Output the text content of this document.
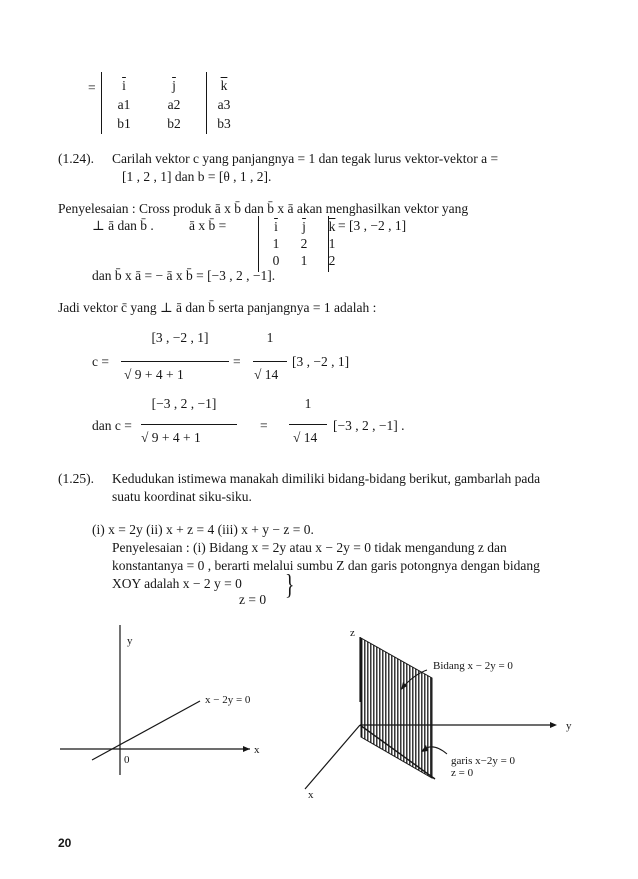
= $\overline{i}$	$\overline{j}$	$\overline{k}$
a1	a2	a3
b1	b2	b3
(1.24). Carilah vektor c yang panjangnya = 1 dan tegak lurus vektor-vektor a =
[1 , 2 , 1] dan b = [θ , 1 , 2].
Penyelesaian : Cross produk ā x b̄ dan b̄ x ā akan menghasilkan vektor yang
⊥ ā dan b̄ .	ā x b̄ =	$\overline{i}$	$\overline{j}$	$\overline{k}$
1	2	1
0	1	2
= [3 , −2 , 1]
dan b̄ x ā = − ā x b̄ = [−3 , 2 , −1].
Jadi vektor c̄ yang ⊥ ā dan b̄ serta panjangnya = 1 adalah :
c =
[3 , −2 , 1]
√ 9 + 4 + 1
=
1
√ 14
[3 , −2 , 1]
dan c =
[−3 , 2 , −1]
√ 9 + 4 + 1
=
1
√ 14
[−3 , 2 , −1] .
(1.25). Kedudukan istimewa manakah dimiliki bidang-bidang berikut, gambarlah pada
suatu koordinat siku-siku.
(i) x = 2y (ii) x + z = 4 (iii) x + y − z = 0.
Penyelesaian : (i) Bidang x = 2y atau x − 2y = 0 tidak mengandung z dan
konstantanya = 0 , berarti melalui sumbu Z dan garis potongnya dengan bidang
XOY adalah x − 2 y = 0
z = 0 }
y
x
0
x − 2y = 0
z
y
x
Bidang x − 2y = 0
garis x−2y = 0
z = 0
20
